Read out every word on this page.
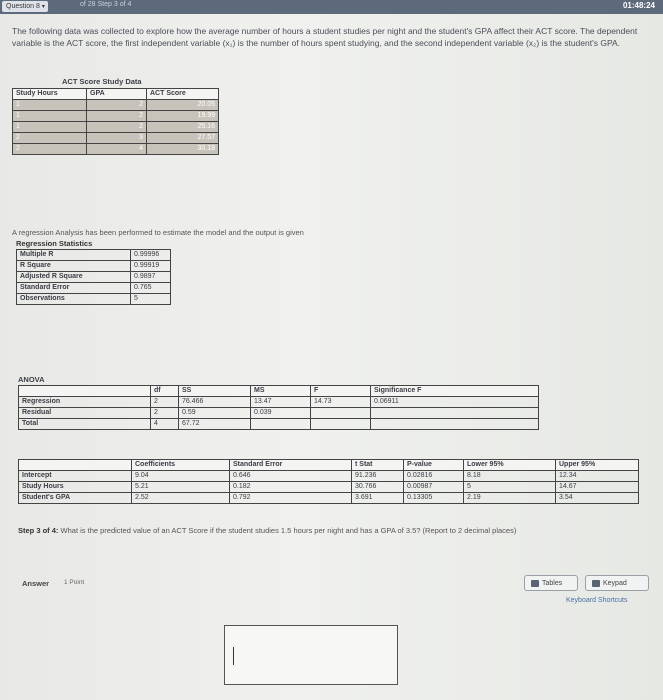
Question 8 ▾	of 28 Step 3 of 4	01:48:24
The following data was collected to explore how the average number of hours a student studies per night and the student's GPA affect their ACT score. The dependent variable is the ACT score, the first independent variable (x₁) is the number of hours spent studying, and the second independent variable (x₂) is the student's GPA.
ACT Score Study Data
Study Hours	GPA	ACT Score
1	2	20.05
1	2	19.99
1	2	25.16
2	3	27.57
2	4	30.18
A regression Analysis has been performed to estimate the model and the output is given
Regression Statistics
Multiple R	0.99996
R Square	0.99919
Adjusted R Square	0.9897
Standard Error	0.765
Observations	5
ANOVA
	df	SS	MS	F	Significance F
Regression	2	76.466	13.47	14.73	0.06911
Residual	2	0.59	0.039		
Total	4	67.72			
	Coefficients	Standard Error	t Stat	P-value	Lower 95%	Upper 95%
Intercept	9.04	0.646	91.236	0.02816	8.18	12.34
Study Hours	5.21	0.182	30.766	0.00987	5	14.67
Student's GPA	2.52	0.792	3.691	0.13305	2.19	3.54
Step 3 of 4: What is the predicted value of an ACT Score if the student studies 1.5 hours per night and has a GPA of 3.5? (Report to 2 decimal places)
Answer 1 Point	Tables	Keypad
Keyboard Shortcuts
